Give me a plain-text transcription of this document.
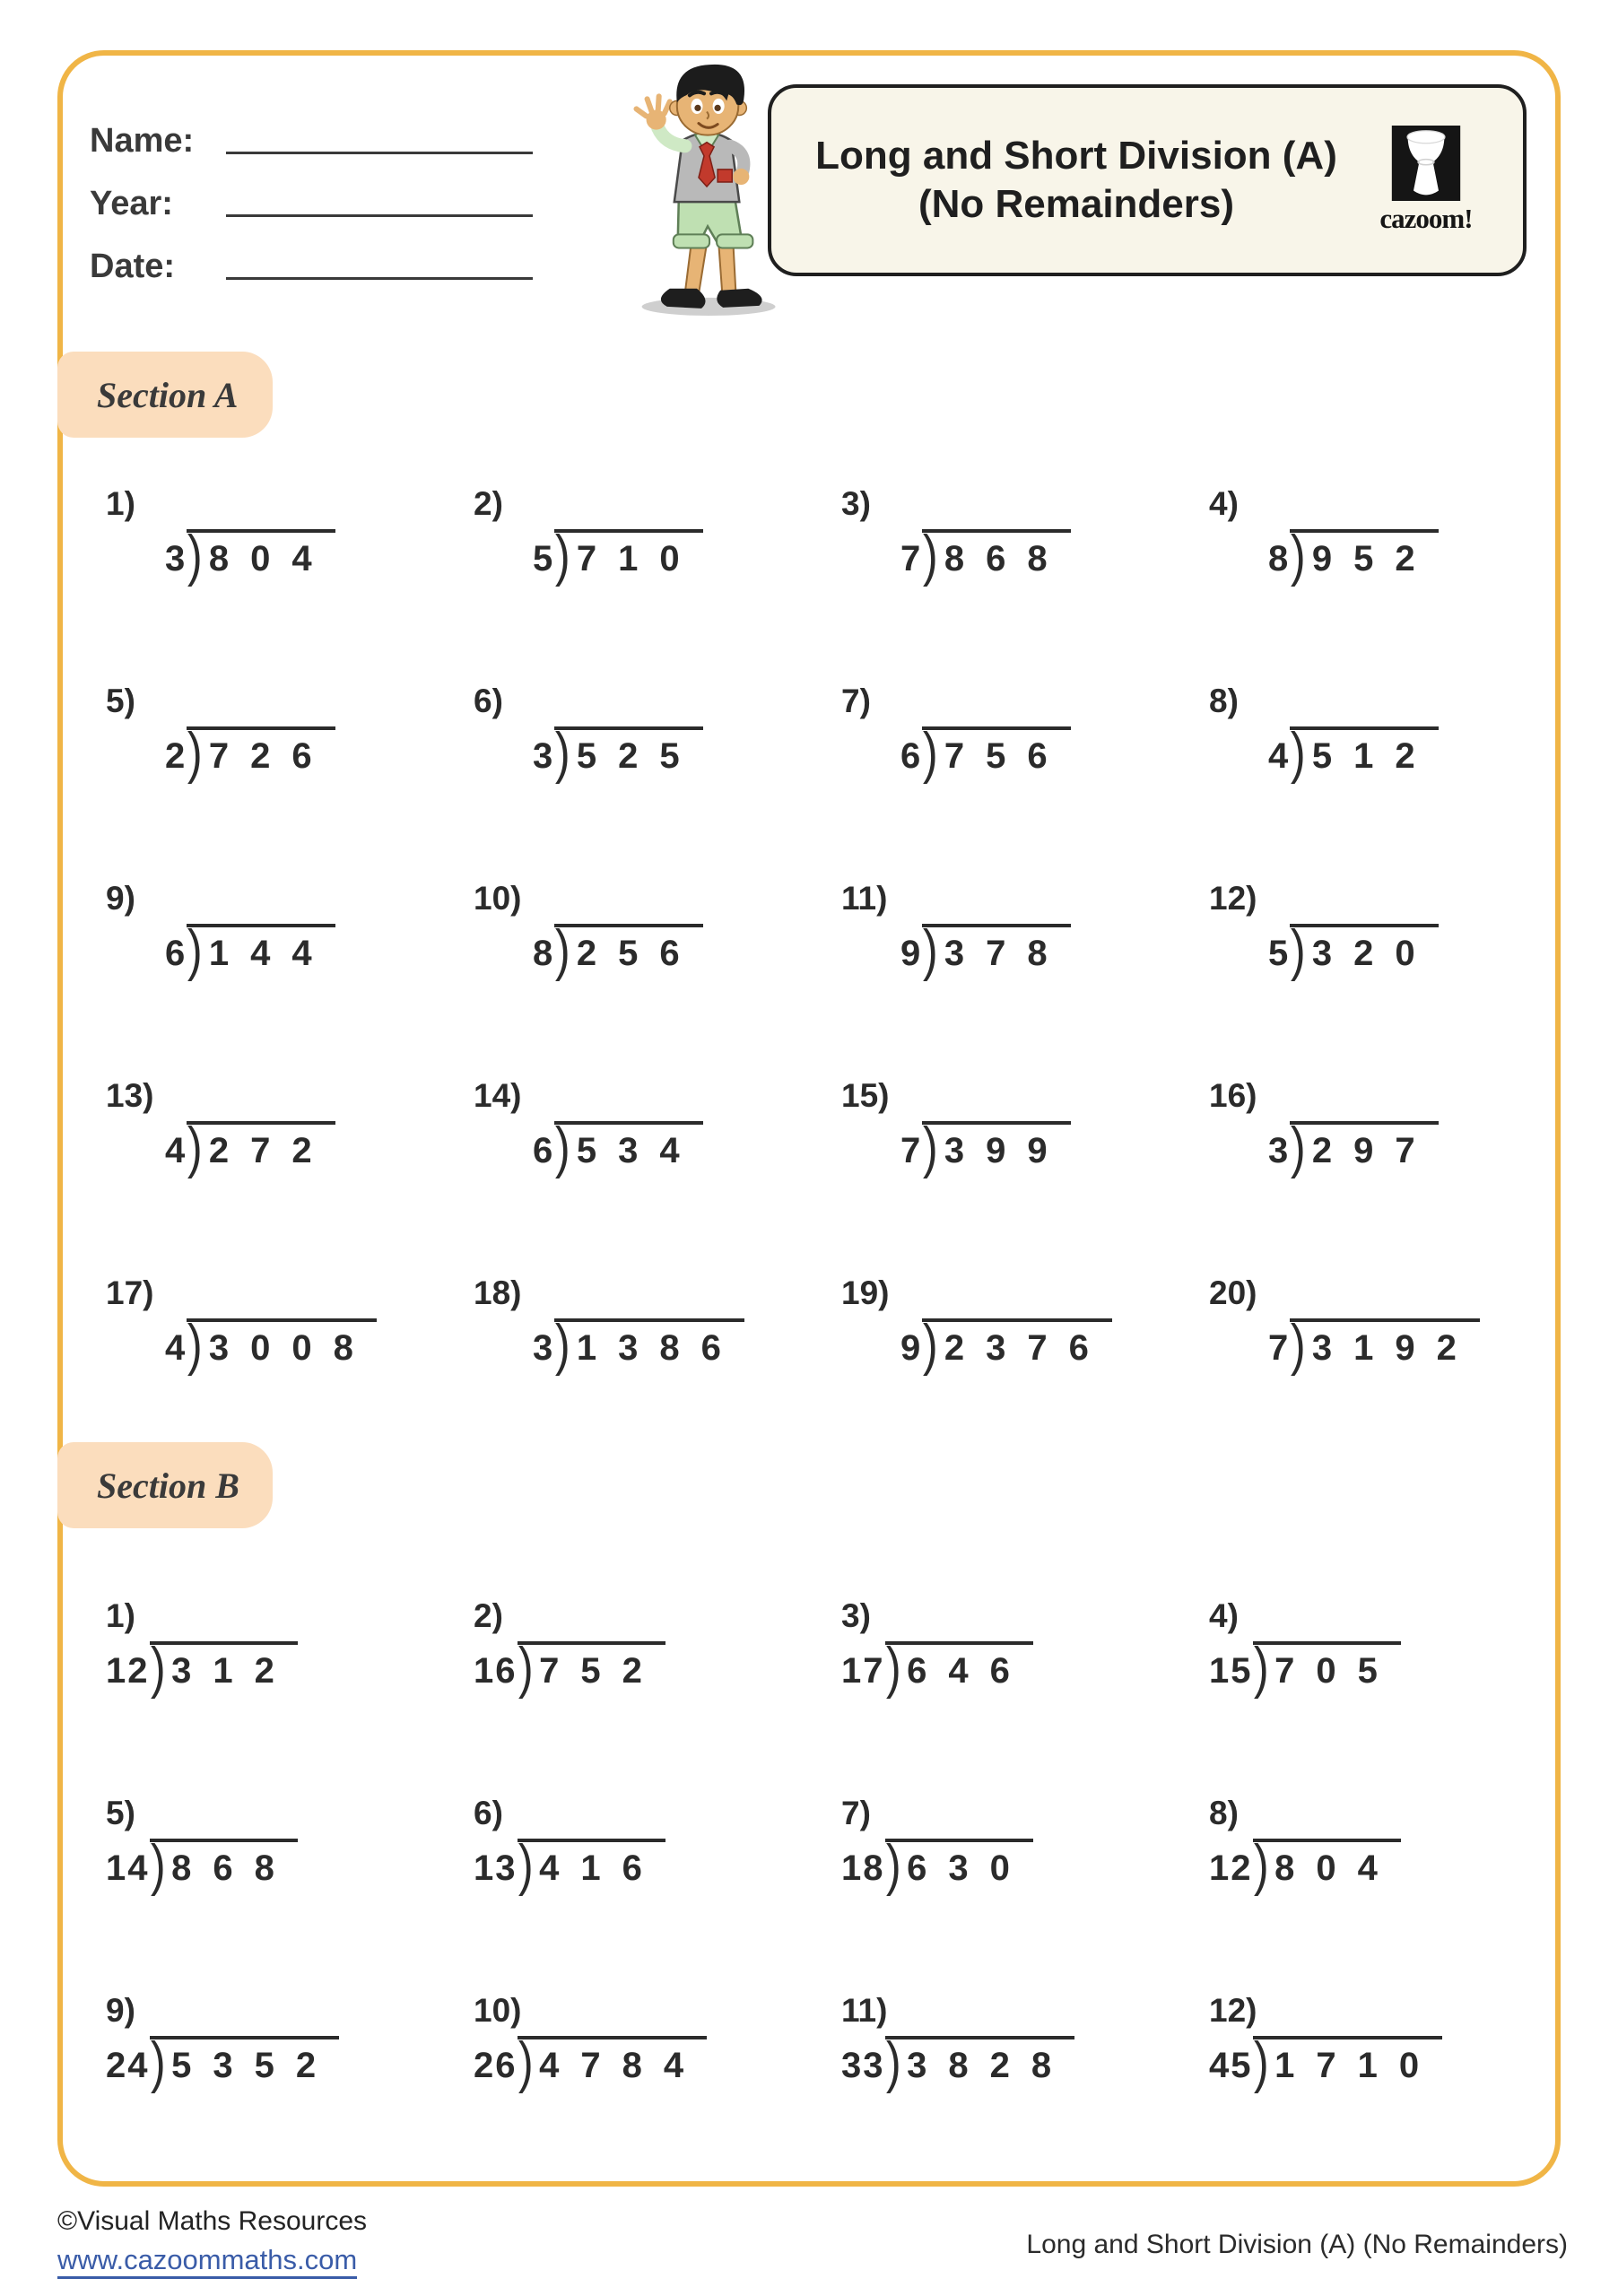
Name:
Year:
Date:
Long and Short Division (A)
(No Remainders)	cazoom!
Section A
Section B
1)
3 ) 804
2)
5 ) 710
3)
7 ) 868
4)
8 ) 952
5)
2 ) 726
6)
3 ) 525
7)
6 ) 756
8)
4 ) 512
9)
6 ) 144
10)
8 ) 256
11)
9 ) 378
12)
5 ) 320
13)
4 ) 272
14)
6 ) 534
15)
7 ) 399
16)
3 ) 297
17)
4 ) 3008
18)
3 ) 1386
19)
9 ) 2376
20)
7 ) 3192
1)
12 ) 312
2)
16 ) 752
3)
17 ) 646
4)
15 ) 705
5)
14 ) 868
6)
13 ) 416
7)
18 ) 630
8)
12 ) 804
9)
24 ) 5352
10)
26 ) 4784
11)
33 ) 3828
12)
45 ) 1710
©Visual Maths Resources
www.cazoommaths.com	Long and Short Division (A) (No Remainders)
